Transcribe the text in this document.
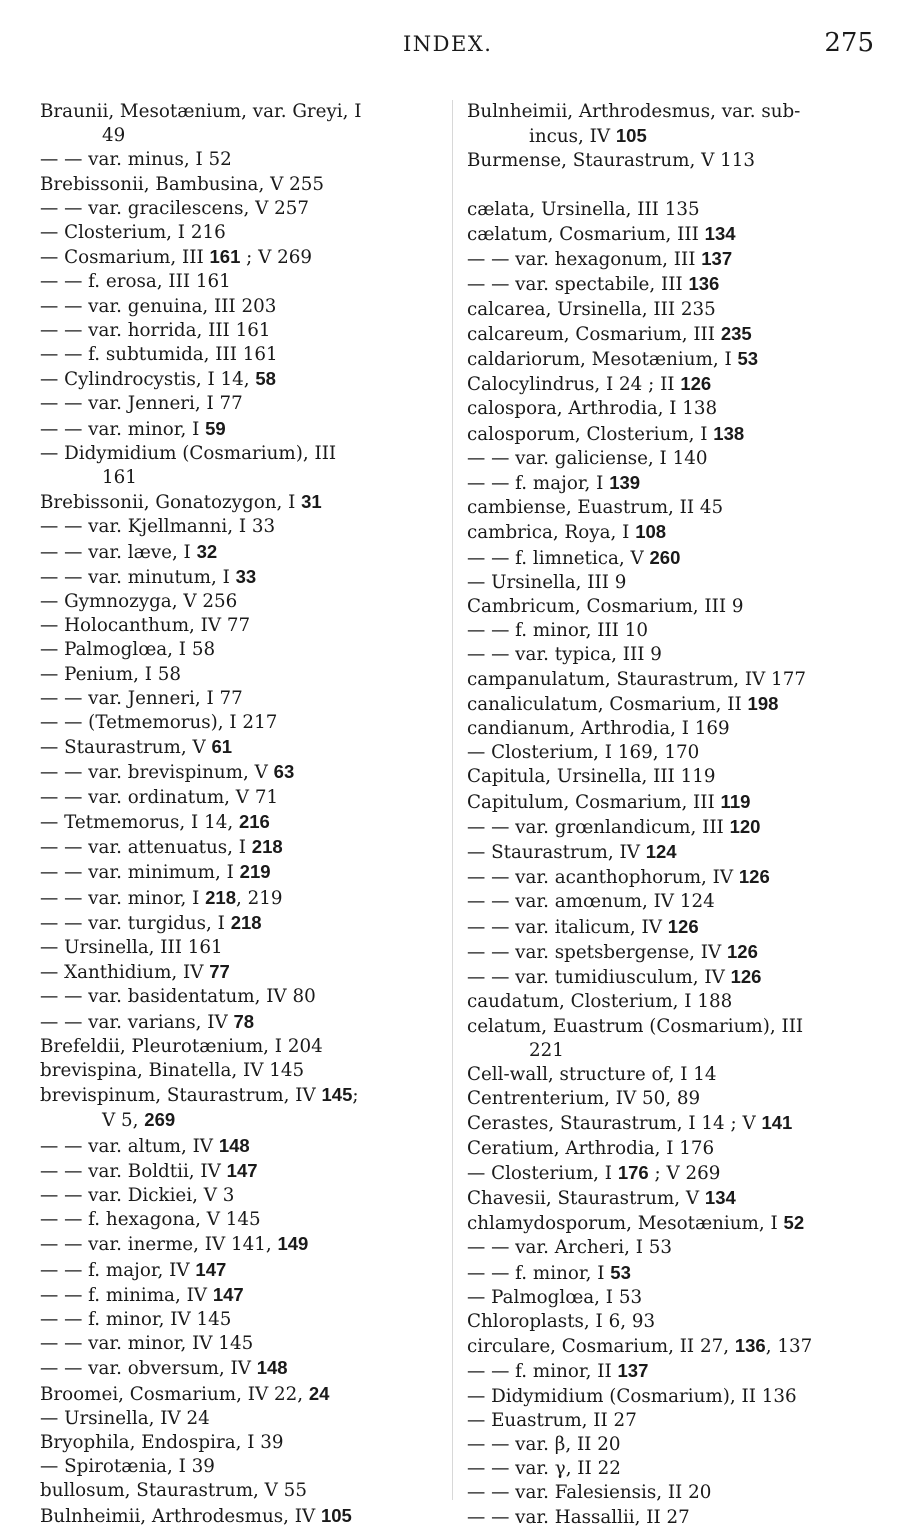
INDEX.	275
Braunii, Mesotænium, var. Greyi, I
49
— — var. minus, I 52
Brebissonii, Bambusina, V 255
— — var. gracilescens, V 257
— Closterium, I 216
— Cosmarium, III 161 ; V 269
— — f. erosa, III 161
— — var. genuina, III 203
— — var. horrida, III 161
— — f. subtumida, III 161
— Cylindrocystis, I 14, 58
— — var. Jenneri, I 77
— — var. minor, I 59
— Didymidium (Cosmarium), III
161
Brebissonii, Gonatozygon, I 31
— — var. Kjellmanni, I 33
— — var. læve, I 32
— — var. minutum, I 33
— Gymnozyga, V 256
— Holocanthum, IV 77
— Palmoglœa, I 58
— Penium, I 58
— — var. Jenneri, I 77
— — (Tetmemorus), I 217
— Staurastrum, V 61
— — var. brevispinum, V 63
— — var. ordinatum, V 71
— Tetmemorus, I 14, 216
— — var. attenuatus, I 218
— — var. minimum, I 219
— — var. minor, I 218, 219
— — var. turgidus, I 218
— Ursinella, III 161
— Xanthidium, IV 77
— — var. basidentatum, IV 80
— — var. varians, IV 78
Brefeldii, Pleurotænium, I 204
brevispina, Binatella, IV 145
brevispinum, Staurastrum, IV 145;
V 5, 269
— — var. altum, IV 148
— — var. Boldtii, IV 147
— — var. Dickiei, V 3
— — f. hexagona, V 145
— — var. inerme, IV 141, 149
— — f. major, IV 147
— — f. minima, IV 147
— — f. minor, IV 145
— — var. minor, IV 145
— — var. obversum, IV 148
Broomei, Cosmarium, IV 22, 24
— Ursinella, IV 24
Bryophila, Endospira, I 39
— Spirotænia, I 39
bullosum, Staurastrum, V 55
Bulnheimii, Arthrodesmus, IV 105
Bulnheimii, Arthrodesmus, var. sub-
incus, IV 105
Burmense, Staurastrum, V 113
cælata, Ursinella, III 135
cælatum, Cosmarium, III 134
— — var. hexagonum, III 137
— — var. spectabile, III 136
calcarea, Ursinella, III 235
calcareum, Cosmarium, III 235
caldariorum, Mesotænium, I 53
Calocylindrus, I 24 ; II 126
calospora, Arthrodia, I 138
calosporum, Closterium, I 138
— — var. galiciense, I 140
— — f. major, I 139
cambiense, Euastrum, II 45
cambrica, Roya, I 108
— — f. limnetica, V 260
— Ursinella, III 9
Cambricum, Cosmarium, III 9
— — f. minor, III 10
— — var. typica, III 9
campanulatum, Staurastrum, IV 177
canaliculatum, Cosmarium, II 198
candianum, Arthrodia, I 169
— Closterium, I 169, 170
Capitula, Ursinella, III 119
Capitulum, Cosmarium, III 119
— — var. grœnlandicum, III 120
— Staurastrum, IV 124
— — var. acanthophorum, IV 126
— — var. amœnum, IV 124
— — var. italicum, IV 126
— — var. spetsbergense, IV 126
— — var. tumidiusculum, IV 126
caudatum, Closterium, I 188
celatum, Euastrum (Cosmarium), III
221
Cell-wall, structure of, I 14
Centrenterium, IV 50, 89
Cerastes, Staurastrum, I 14 ; V 141
Ceratium, Arthrodia, I 176
— Closterium, I 176 ; V 269
Chavesii, Staurastrum, V 134
chlamydosporum, Mesotænium, I 52
— — var. Archeri, I 53
— — f. minor, I 53
— Palmoglœa, I 53
Chloroplasts, I 6, 93
circulare, Cosmarium, II 27, 136, 137
— — f. minor, II 137
— Didymidium (Cosmarium), II 136
— Euastrum, II 27
— — var. β, II 20
— — var. γ, II 22
— — var. Falesiensis, II 20
— — var. Hassallii, II 27
